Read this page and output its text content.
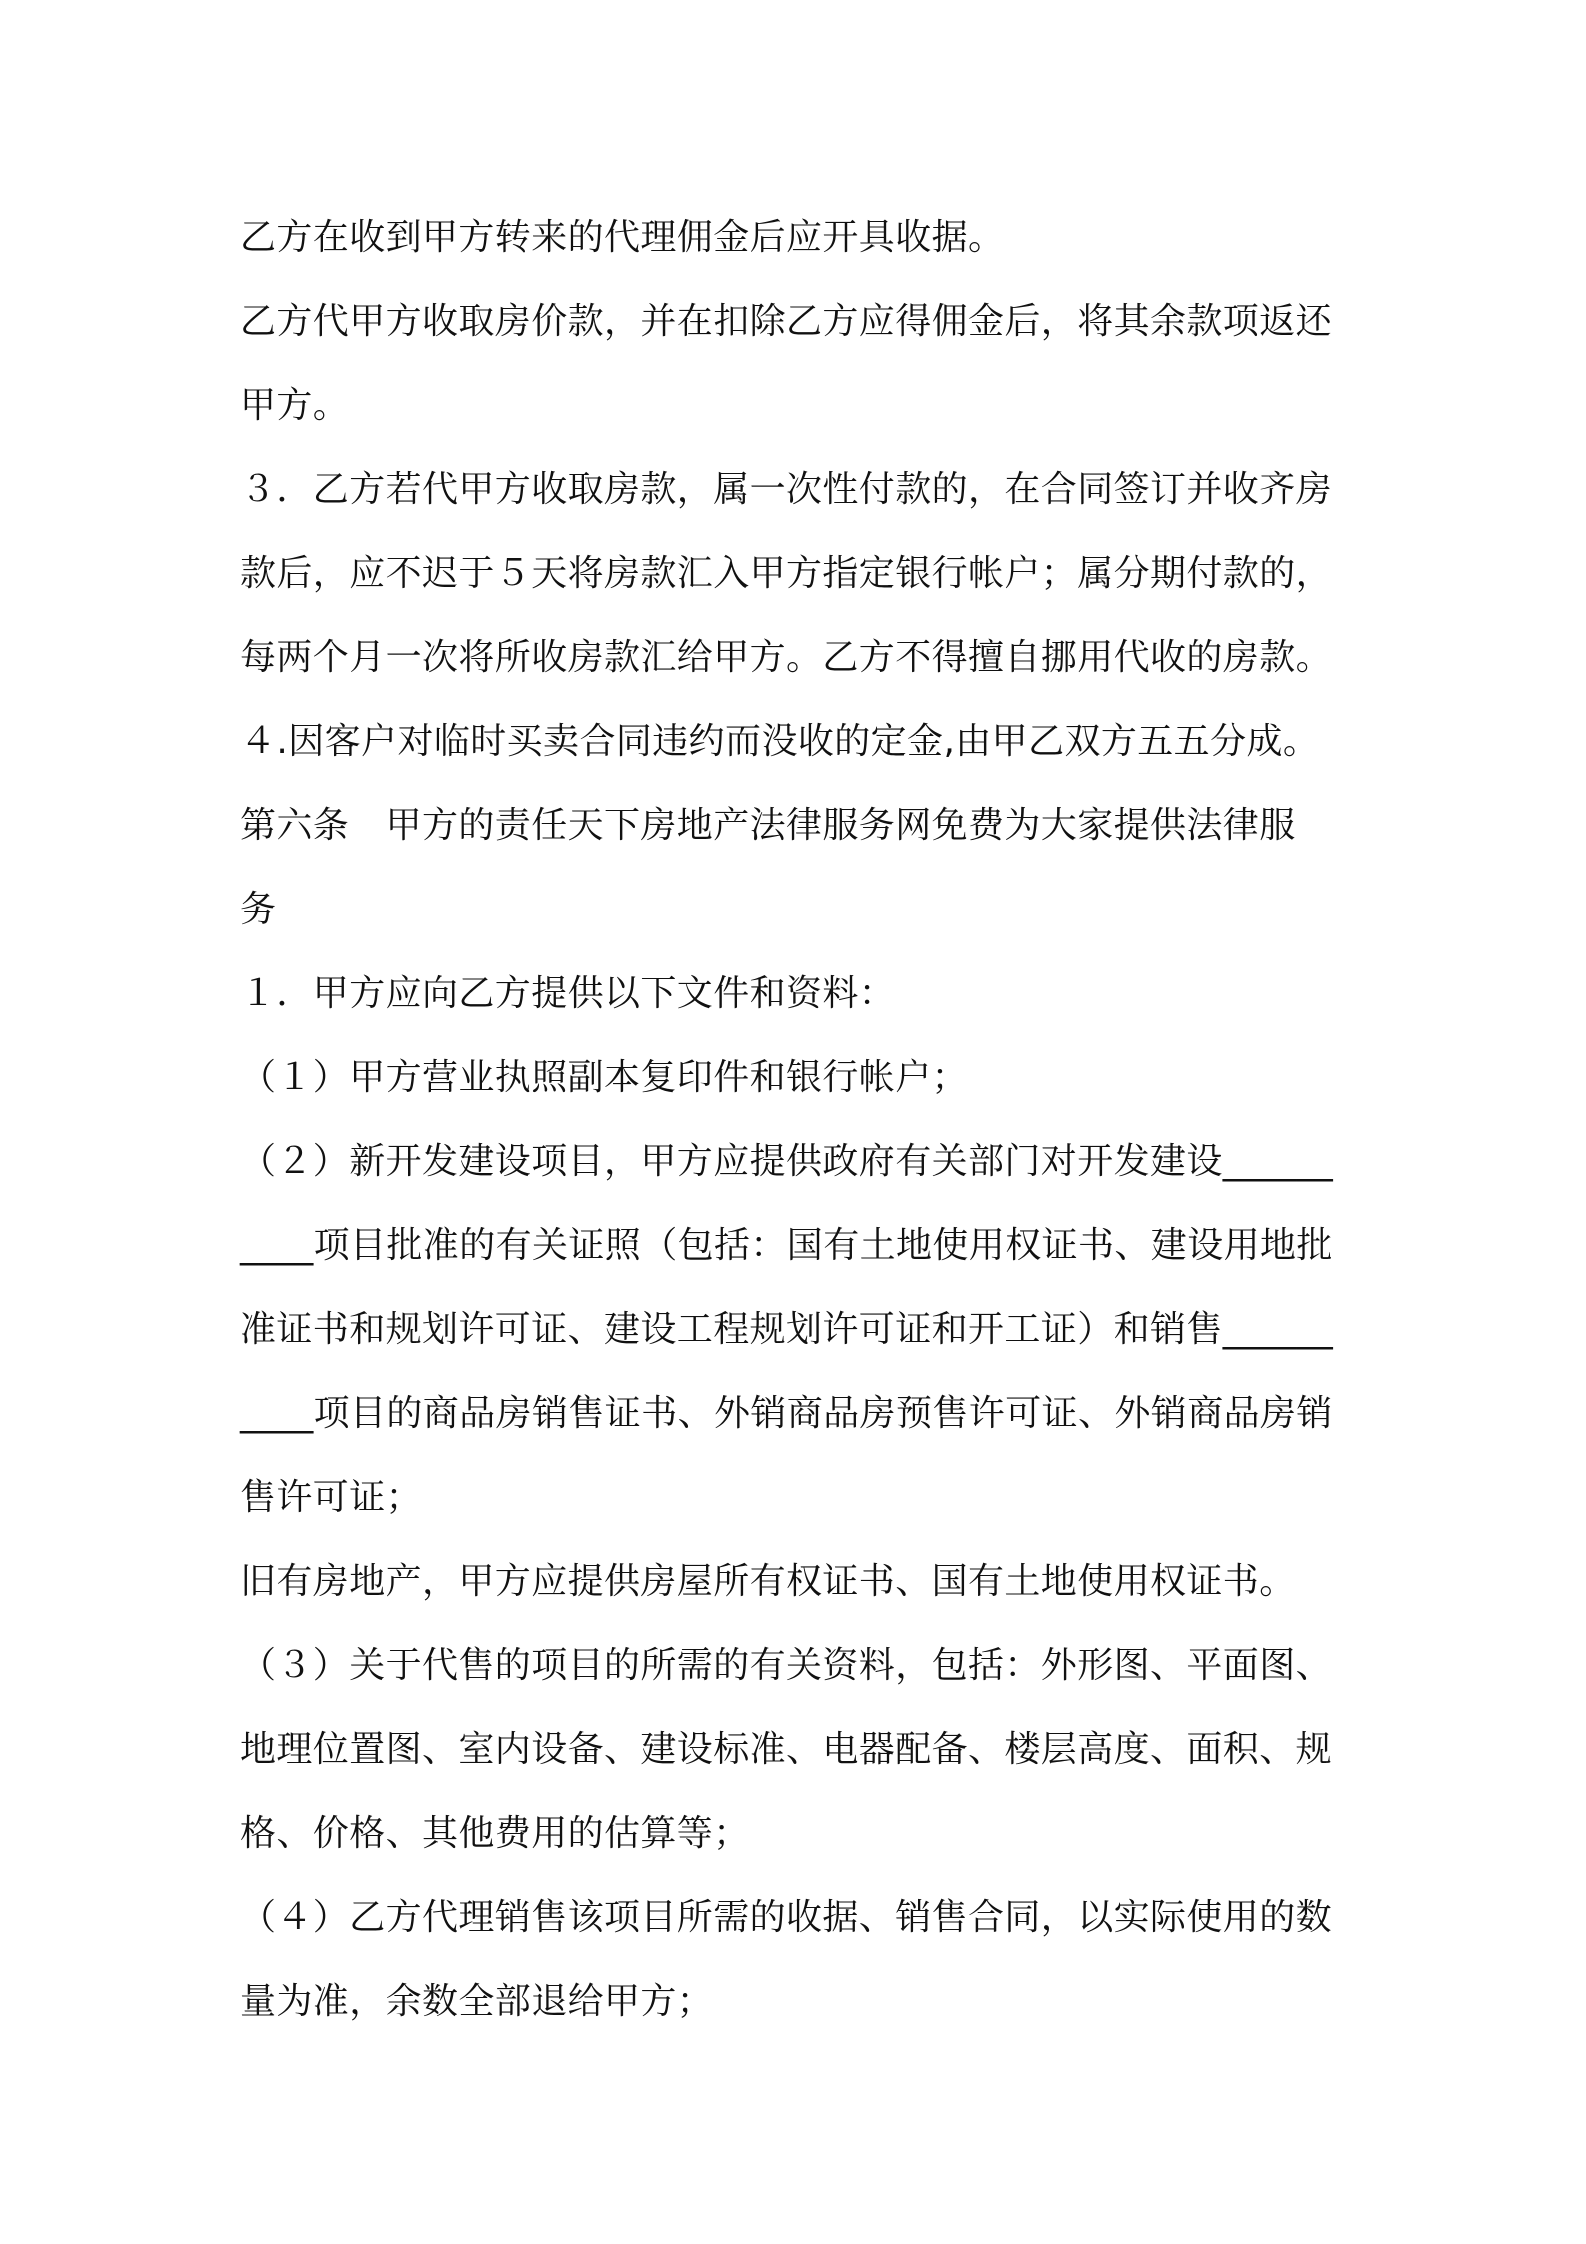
乙方在收到甲方转来的代理佣金后应开具收据。
乙方代甲方收取房价款，并在扣除乙方应得佣金后，将其余款项返还
甲方。
３．乙方若代甲方收取房款，属一次性付款的，在合同签订并收齐房
款后，应不迟于５天将房款汇入甲方指定银行帐户；属分期付款的，
每两个月一次将所收房款汇给甲方。乙方不得擅自挪用代收的房款。
４.因客户对临时买卖合同违约而没收的定金,由甲乙双方五五分成。
第六条　甲方的责任天下房地产法律服务网免费为大家提供法律服
务
１．甲方应向乙方提供以下文件和资料：
（１）甲方营业执照副本复印件和银行帐户；
（２）新开发建设项目，甲方应提供政府有关部门对开发建设______
____项目批准的有关证照（包括：国有土地使用权证书、建设用地批
准证书和规划许可证、建设工程规划许可证和开工证）和销售______
____项目的商品房销售证书、外销商品房预售许可证、外销商品房销
售许可证；
旧有房地产，甲方应提供房屋所有权证书、国有土地使用权证书。
（３）关于代售的项目的所需的有关资料，包括：外形图、平面图、
地理位置图、室内设备、建设标准、电器配备、楼层高度、面积、规
格、价格、其他费用的估算等；
（４）乙方代理销售该项目所需的收据、销售合同，以实际使用的数
量为准，余数全部退给甲方；
